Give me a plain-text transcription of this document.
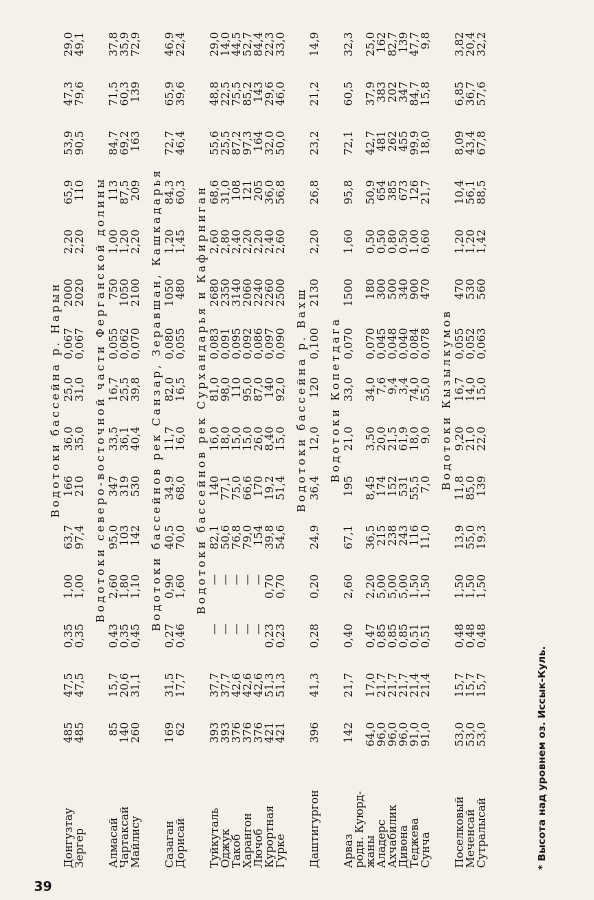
	Водотоки бассейна р. Нарын														
Донгузтау	485	47,5	0,35	1,00	63,7	166	36,0	25,0	0,067	2000	2,20	65,9	53,9	47,3	29,0
Зергер	485	47,5	0,35	1,00	97,4	210	35,0	31,0	0,067	2020	2,20	110	90,5	79,6	49,1

	Водотоки северо-восточной части Ферганской долины														
Алмасай	85	15,7	0,43	2,60	95,0	347	33,5	16,7	0,055	750	1,00	113	84,7	71,5	37,8
Чартаксай	140	20,6	0,35	1,80	103	319	36,1	25,5	0,062	1050	1,20	87,5	69,2	60,3	35,9
Майлису	260	31,1	0,45	1,10	142	530	40,4	39,8	0,070	2100	2,20	209	163	139	72,9

	Водотоки бассейнов рек Санзар, Зеравшан, Кашкадарья														
Сазаган	169	31,5	0,27	0,90	40,5	34,9	11,7	82,0	0,080	1050	1,20	84,3	72,7	65,9	46,9
Дорисай	62	17,7	0,46	1,60	70,0	68,0	16,0	16,5	0,055	480	1,45	60,3	46,4	39,6	22,4

	Водотоки бассейнов рек Сурхандарья и Кафирниган														
Туйкуталь	393	37,7	—	—	82,1	140	16,0	81,0	0,083	2680	2,60	68,6	55,6	48,8	29,0
Оджук	393	37,7	—	—	50,6	77,1	18,0	98,0	0,091	2350	2,80	31,0	25,5	22,5	14,0
Такоб	376	42,6	—	—	76,8	75,0	15,0	110	0,095	3140	2,40	108	87,2	75,5	44,5
Харангон	376	42,6	—	—	79,0	66,6	15,0	95,0	0,092	2060	2,20	121	97,3	85,2	52,7
Лючоб	376	42,6	—	—	154	170	26,0	87,0	0,086	2240	2,20	205	164	143	84,4
Курортная	421	51,3	0,23	0,70	39,8	19,2	8,40	140	0,097	2260	2,40	36,0	32,0	29,6	22,3
Гурке	421	51,3	0,23	0,70	54,6	51,4	15,0	92,0	0,090	2500	2,60	56,8	50,0	46,0	33,0

	Водотоки бассейна р. Вахш														
Даштигургон	396	41,3	0,28	0,20	24,9	36,4	12,0	120	0,100	2130	2,20	26,8	23,2	21,2	14,9

	Водотоки Копетдага														
Арваз	142	21,7	0,40	2,60	67,1	195	21,0	33,0	0,070	1500	1,60	95,8	72,1	60,5	32,3
родн. Куюрд-															
жаны	64,0	17,0	0,47	2,20	36,5	8,45	3,50	34,0	0,070	180	0,50	50,9	42,7	37,9	25,0
Аладерс	96,0	21,7	0,85	5,00	215	174	20,0	7,6	0,045	300	0,50	654	481	383	162
Ахчабилик	96,0	21,7	0,85	5,00	238	152	21,5	9,4	0,048	500	0,80	385	262	202	82,7
Дивона	96,0	21,7	0,85	5,00	243	531	61,9	3,4	0,040	340	0,50	673	455	347	139
Теджева	91,0	21,4	0,51	1,50	116	55,5	18,0	74,0	0,084	900	1,00	126	99,9	84,7	47,7
Сунча	91,0	21,4	0,51	1,50	11,0	7,0	9,0	55,0	0,078	470	0,60	21,7	18,0	15,8	9,8

	Водотоки Кызылкумов														
Поселковый	53,0	15,7	0,48	1,50	13,9	11,8	9,20	16,7	0,055	470	1,20	10,4	8,09	6,85	3,82
Меченсай	53,0	15,7	0,48	1,50	55,0	85,0	21,0	14,0	0,052	530	1,20	56,1	43,4	36,7	20,4
Сутралысай	53,0	15,7	0,48	1,50	19,3	139	22,0	15,0	0,063	560	1,42	88,5	67,8	57,6	32,2
* Высота над уровнем оз. Иссык-Куль.
39
